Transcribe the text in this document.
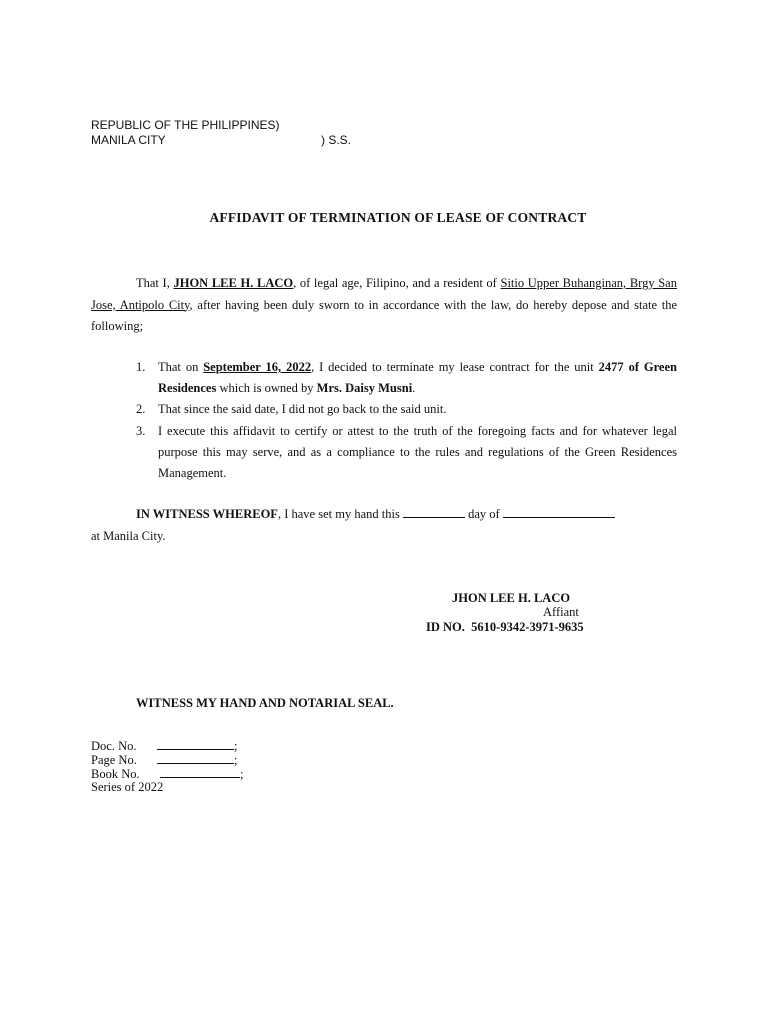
REPUBLIC OF THE PHILIPPINES)
MANILA CITY	) S.S.
AFFIDAVIT OF TERMINATION OF LEASE OF CONTRACT
That I, JHON LEE H. LACO, of legal age, Filipino, and a resident of Sitio Upper Buhanginan, Brgy San Jose, Antipolo City, after having been duly sworn to in accordance with the law, do hereby depose and state the following;
1. That on September 16, 2022, I decided to terminate my lease contract for the unit 2477 of Green Residences which is owned by Mrs. Daisy Musni.
2. That since the said date, I did not go back to the said unit.
3. I execute this affidavit to certify or attest to the truth of the foregoing facts and for whatever legal purpose this may serve, and as a compliance to the rules and regulations of the Green Residences Management.
IN WITNESS WHEREOF, I have set my hand this	day of
at Manila City.
JHON LEE H. LACO
Affiant
ID NO. 5610-9342-3971-9635
WITNESS MY HAND AND NOTARIAL SEAL.
Doc. No.	;
Page No.	;
Book No.	;
Series of 2022
